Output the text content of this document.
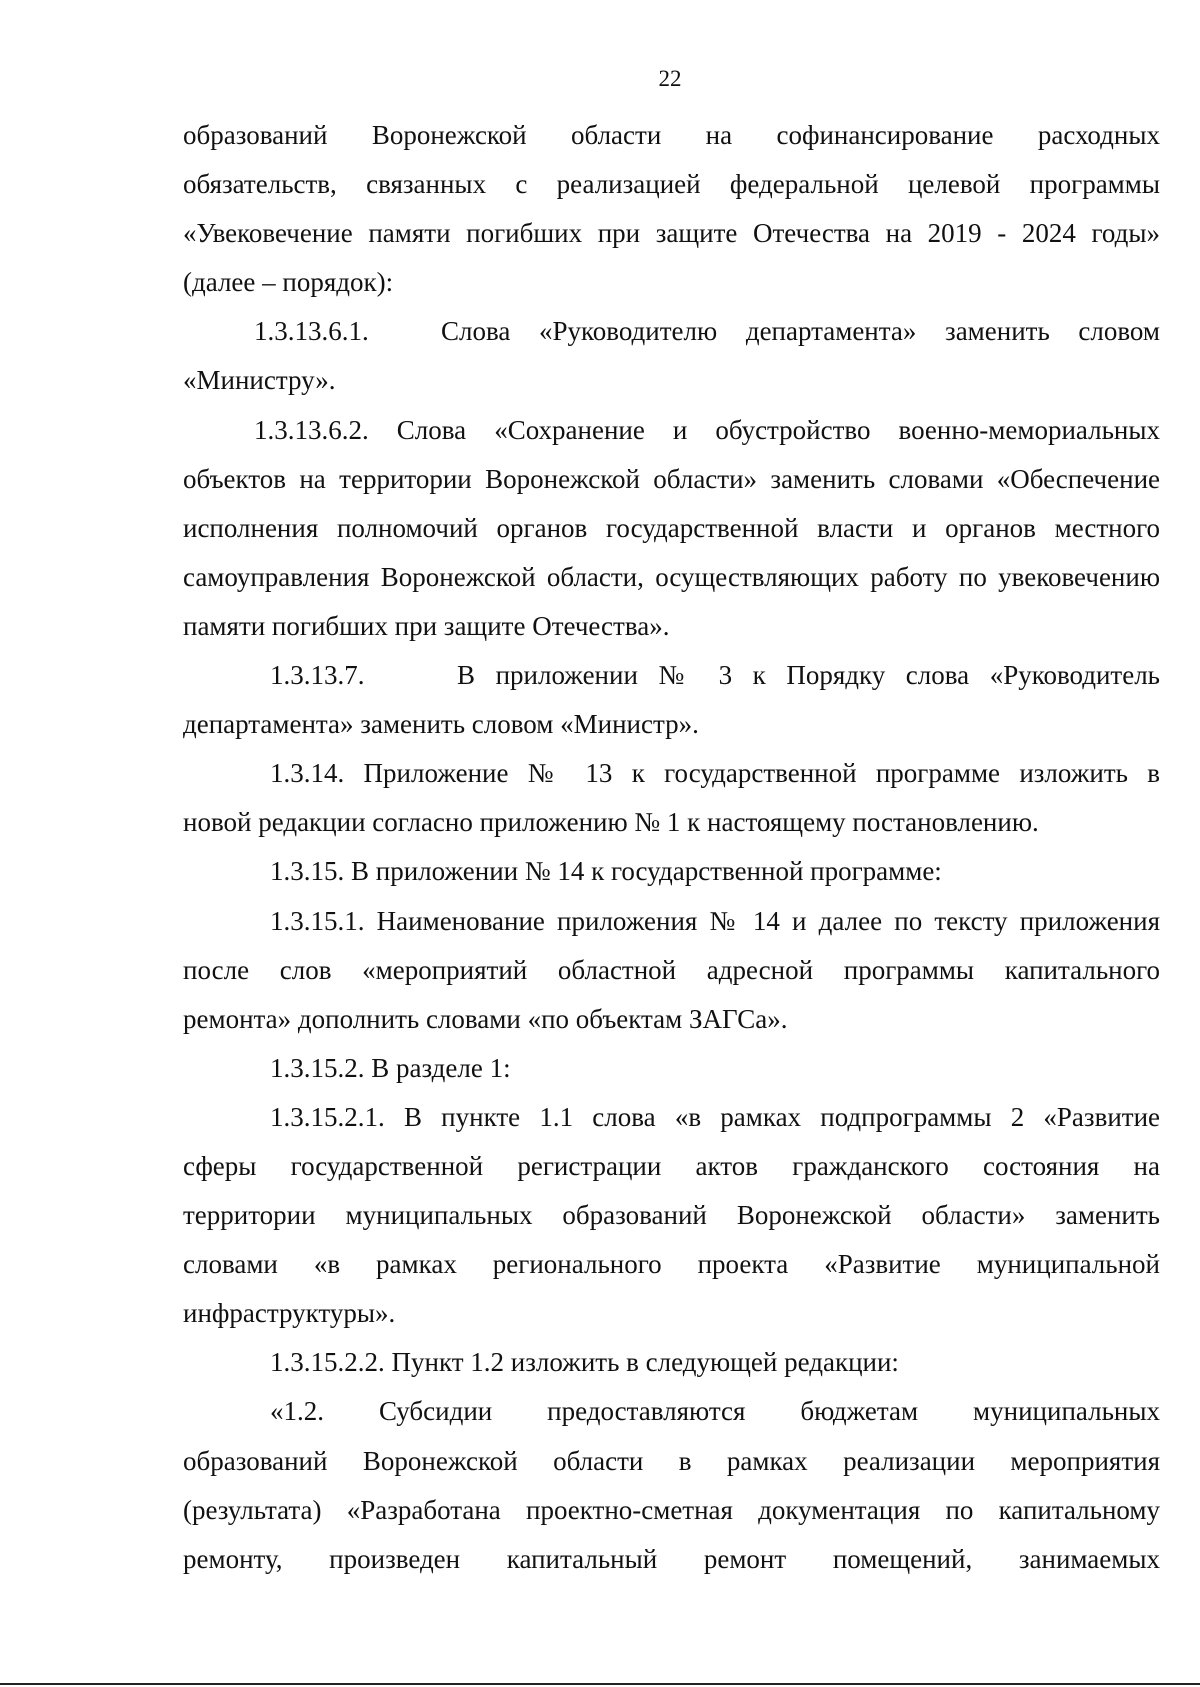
22
образований Воронежской области на софинансирование расходных
обязательств, связанных с реализацией федеральной целевой программы
«Увековечение памяти погибших при защите Отечества на 2019 - 2024 годы»
(далее – порядок):
1.3.13.6.1.	Слова «Руководителю департамента» заменить словом
«Министру».
1.3.13.6.2. Слова «Сохранение и обустройство военно-мемориальных
объектов на территории Воронежской области» заменить словами «Обеспечение
исполнения полномочий органов государственной власти и органов местного
самоуправления Воронежской области, осуществляющих работу по увековечению
памяти погибших при защите Отечества».
1.3.13.7.	В приложении № 3 к Порядку слова «Руководитель
департамента» заменить словом «Министр».
1.3.14. Приложение № 13 к государственной программе изложить в
новой редакции согласно приложению № 1 к настоящему постановлению.
1.3.15. В приложении № 14 к государственной программе:
1.3.15.1. Наименование приложения № 14 и далее по тексту приложения
после слов «мероприятий областной адресной программы капитального
ремонта» дополнить словами «по объектам ЗАГСа».
1.3.15.2. В разделе 1:
1.3.15.2.1. В пункте 1.1 слова «в рамках подпрограммы 2 «Развитие
сферы государственной регистрации актов гражданского состояния на
территории муниципальных образований Воронежской области» заменить
словами «в рамках регионального проекта «Развитие муниципальной
инфраструктуры».
1.3.15.2.2. Пункт 1.2 изложить в следующей редакции:
«1.2. Субсидии предоставляются бюджетам муниципальных
образований Воронежской области в рамках реализации мероприятия
(результата) «Разработана проектно-сметная документация по капитальному
ремонту, произведен капитальный ремонт помещений, занимаемых
